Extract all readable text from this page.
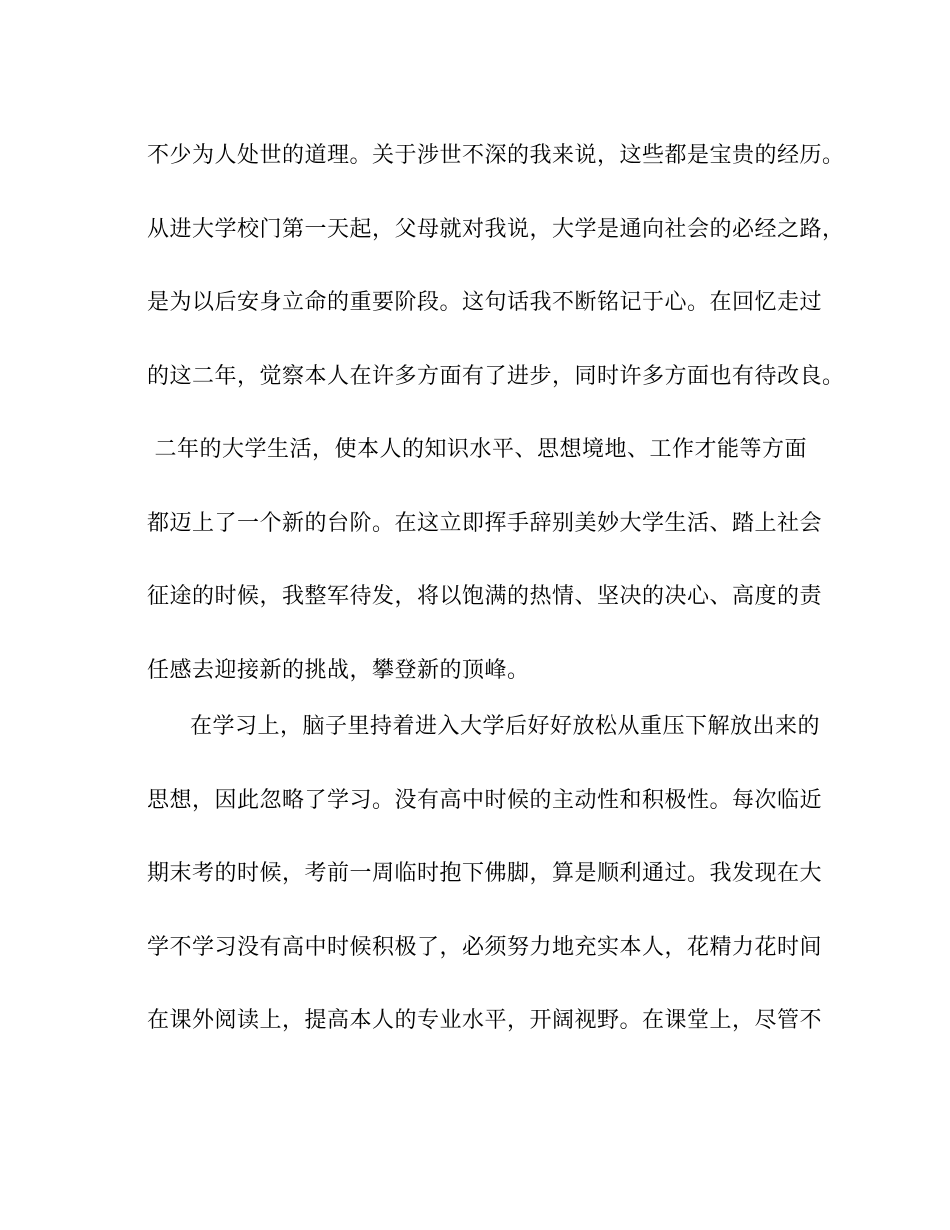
不少为人处世的道理。关于涉世不深的我来说，这些都是宝贵的经历。
从进大学校门第一天起，父母就对我说，大学是通向社会的必经之路，
是为以后安身立命的重要阶段。这句话我不断铭记于心。在回忆走过
的这二年，觉察本人在许多方面有了进步，同时许多方面也有待改良。
二年的大学生活，使本人的知识水平、思想境地、工作才能等方面
都迈上了一个新的台阶。在这立即挥手辞别美妙大学生活、踏上社会
征途的时候，我整军待发，将以饱满的热情、坚决的决心、高度的责
任感去迎接新的挑战，攀登新的顶峰。
在学习上，脑子里持着进入大学后好好放松从重压下解放出来的
思想，因此忽略了学习。没有高中时候的主动性和积极性。每次临近
期末考的时候，考前一周临时抱下佛脚，算是顺利通过。我发现在大
学不学习没有高中时候积极了，必须努力地充实本人，花精力花时间
在课外阅读上，提高本人的专业水平，开阔视野。在课堂上，尽管不
